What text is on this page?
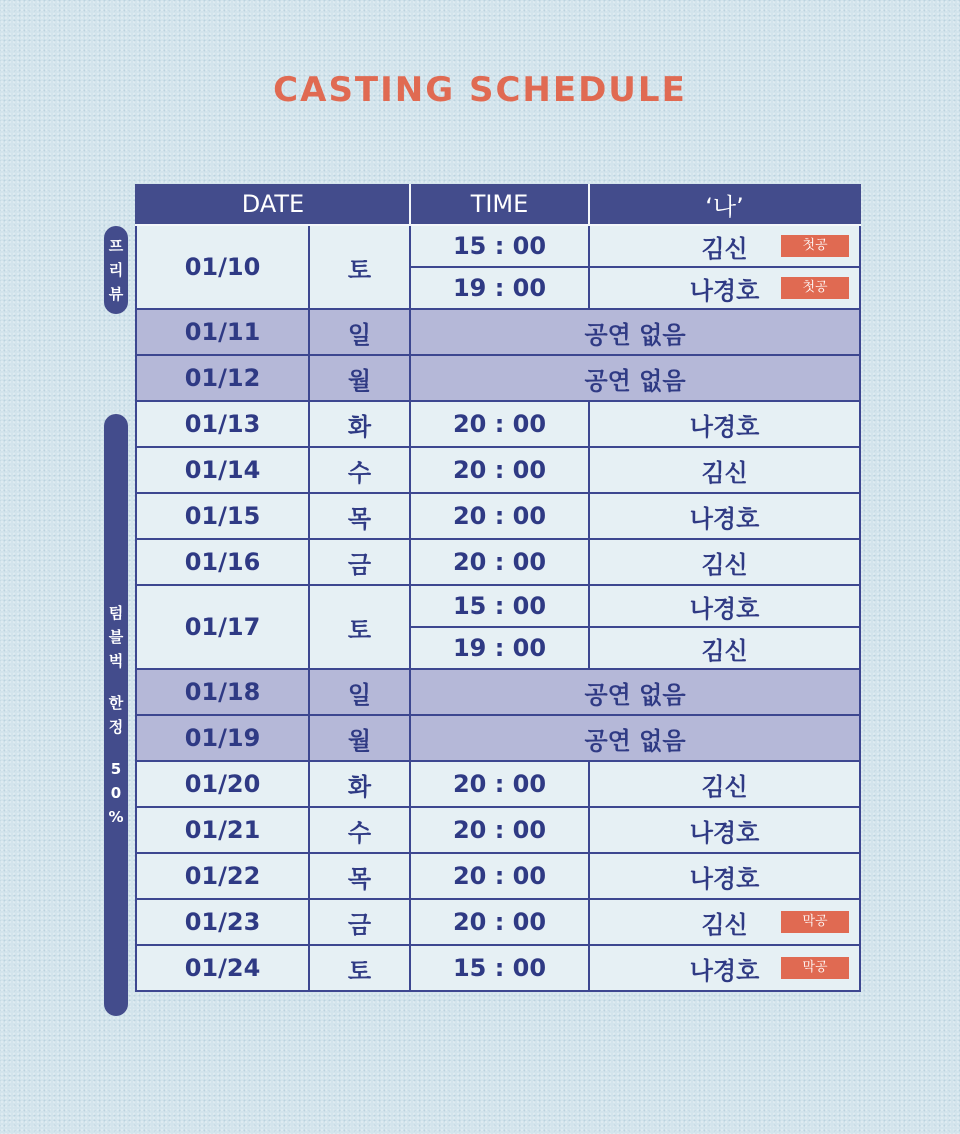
CASTING SCHEDULE
프
리
뷰
텀
블
벅
한
정
5
0
%
DATE		TIME	‘나’
01/10	토	15 : 00	김신 첫공

		19 : 00	나경호 첫공

01/11	일	공연 없음	
01/12	월	공연 없음	
01/13	화	20 : 00	나경호
01/14	수	20 : 00	김신
01/15	목	20 : 00	나경호
01/16	금	20 : 00	김신
01/17	토	15 : 00	나경호
		19 : 00	김신
01/18	일	공연 없음	
01/19	월	공연 없음	
01/20	화	20 : 00	김신
01/21	수	20 : 00	나경호
01/22	목	20 : 00	나경호
01/23	금	20 : 00	김신 막공

01/24	토	15 : 00	나경호 막공
